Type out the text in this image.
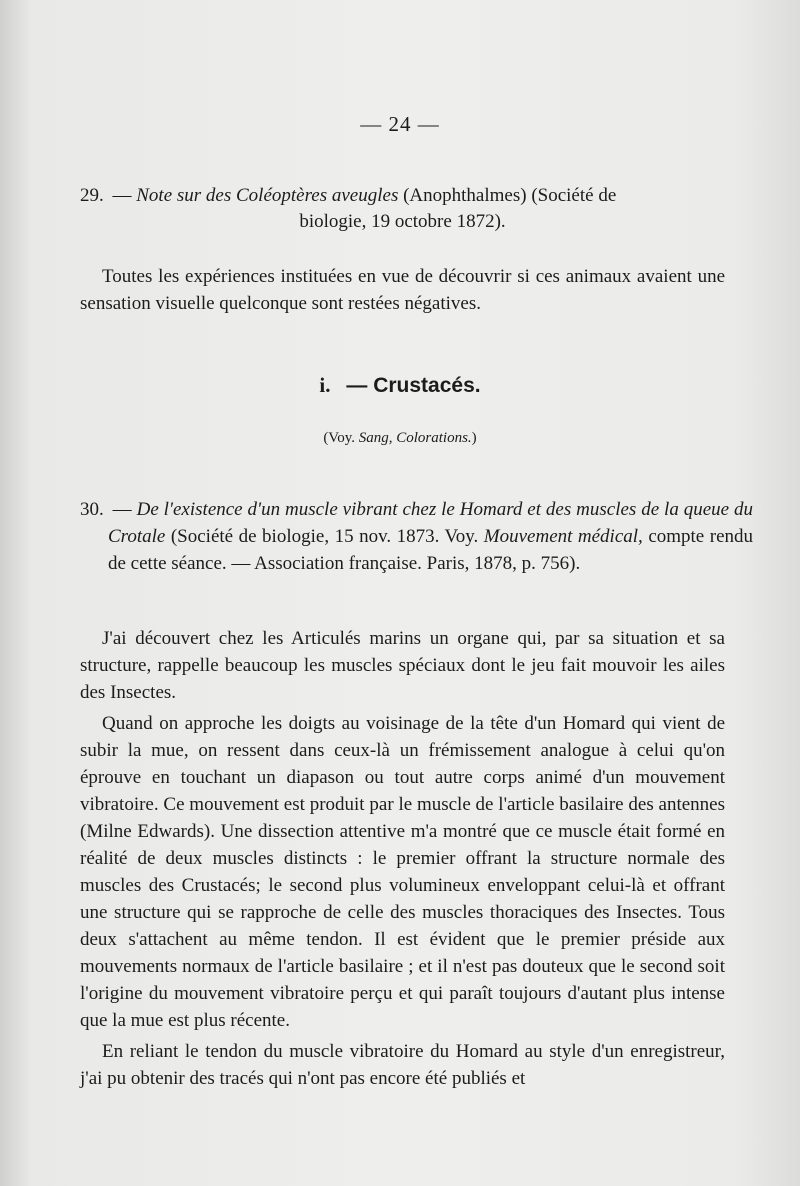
— 24 —
29. — Note sur des Coléoptères aveugles (Anophthalmes) (Société de
biologie, 19 octobre 1872).

Toutes les expériences instituées en vue de découvrir si ces animaux avaient une sensation visuelle quelconque sont restées négatives.

i. — Crustacés.
(Voy. Sang, Colorations.)
30. — De l'existence d'un muscle vibrant chez le Homard et des muscles de la queue du Crotale (Société de biologie, 15 nov. 1873. Voy. Mouvement médical, compte rendu de cette séance. — Association française. Paris, 1878, p. 756).

J'ai découvert chez les Articulés marins un organe qui, par sa situation et sa structure, rappelle beaucoup les muscles spéciaux dont le jeu fait mouvoir les ailes des Insectes.

Quand on approche les doigts au voisinage de la tête d'un Homard qui vient de subir la mue, on ressent dans ceux-là un frémissement analogue à celui qu'on éprouve en touchant un diapason ou tout autre corps animé d'un mouvement vibratoire. Ce mouvement est produit par le muscle de l'article basilaire des antennes (Milne Edwards). Une dissection attentive m'a montré que ce muscle était formé en réalité de deux muscles distincts : le premier offrant la structure normale des muscles des Crustacés; le second plus volumineux enveloppant celui-là et offrant une structure qui se rapproche de celle des muscles thoraciques des Insectes. Tous deux s'attachent au même tendon. Il est évident que le premier préside aux mouvements normaux de l'article basilaire ; et il n'est pas douteux que le second soit l'origine du mouvement vibratoire perçu et qui paraît toujours d'autant plus intense que la mue est plus récente.

En reliant le tendon du muscle vibratoire du Homard au style d'un enregistreur, j'ai pu obtenir des tracés qui n'ont pas encore été publiés et
